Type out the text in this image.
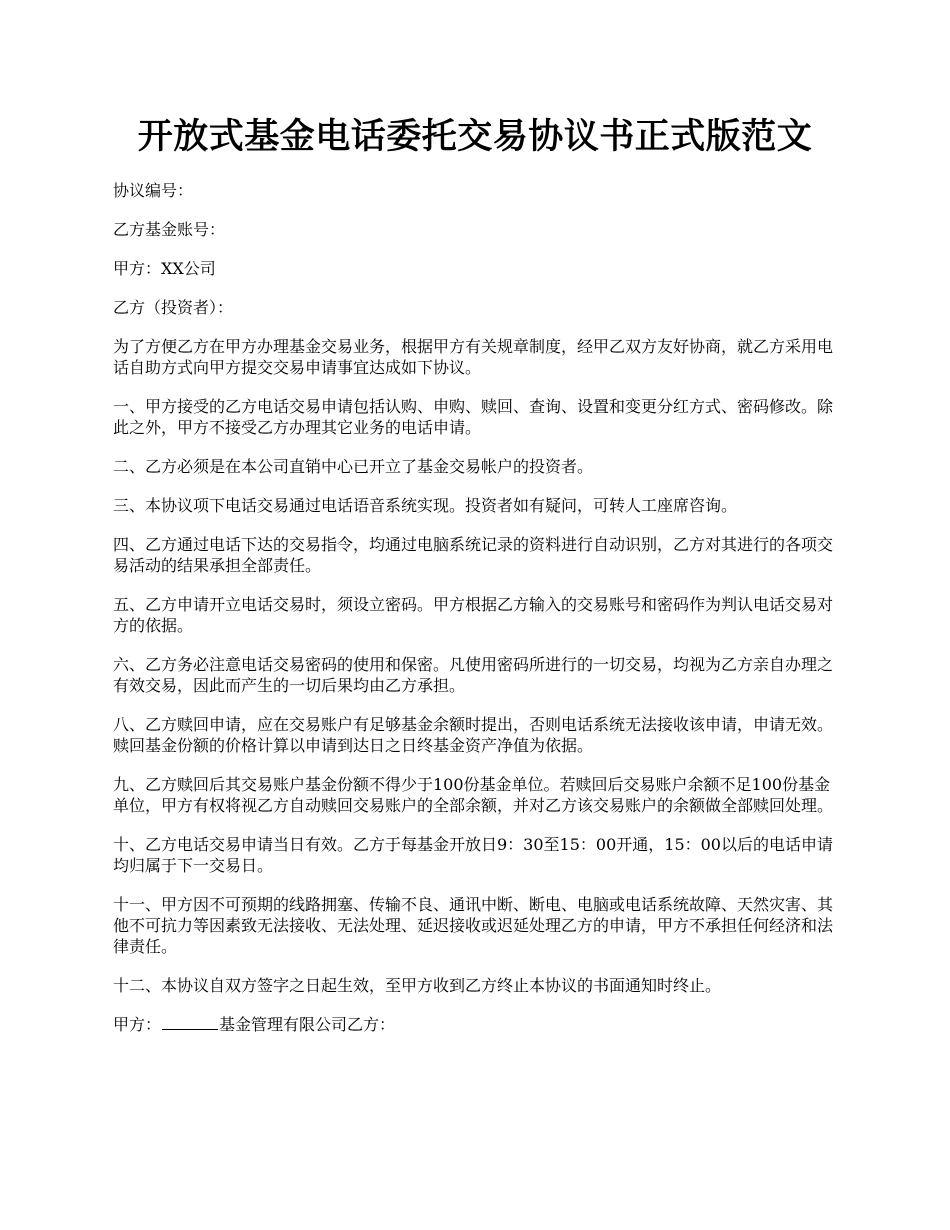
开放式基金电话委托交易协议书正式版范文

协议编号：

乙方基金账号：

甲方：XX公司

乙方（投资者）：

为了方便乙方在甲方办理基金交易业务，根据甲方有关规章制度，经甲乙双方友好协商，就乙方采用电话自助方式向甲方提交交易申请事宜达成如下协议。

一、甲方接受的乙方电话交易申请包括认购、申购、赎回、查询、设置和变更分红方式、密码修改。除此之外，甲方不接受乙方办理其它业务的电话申请。

二、乙方必须是在本公司直销中心已开立了基金交易帐户的投资者。

三、本协议项下电话交易通过电话语音系统实现。投资者如有疑问，可转人工座席咨询。

四、乙方通过电话下达的交易指令，均通过电脑系统记录的资料进行自动识别，乙方对其进行的各项交易活动的结果承担全部责任。

五、乙方申请开立电话交易时，须设立密码。甲方根据乙方输入的交易账号和密码作为判认电话交易对方的依据。

六、乙方务必注意电话交易密码的使用和保密。凡使用密码所进行的一切交易，均视为乙方亲自办理之有效交易，因此而产生的一切后果均由乙方承担。

八、乙方赎回申请，应在交易账户有足够基金余额时提出，否则电话系统无法接收该申请，申请无效。赎回基金份额的价格计算以申请到达日之日终基金资产净值为依据。

九、乙方赎回后其交易账户基金份额不得少于100份基金单位。若赎回后交易账户余额不足100份基金单位，甲方有权将视乙方自动赎回交易账户的全部余额，并对乙方该交易账户的余额做全部赎回处理。

十、乙方电话交易申请当日有效。乙方于每基金开放日9：30至15：00开通，15：00以后的电话申请均归属于下一交易日。

十一、甲方因不可预期的线路拥塞、传输不良、通讯中断、断电、电脑或电话系统故障、天然灾害、其他不可抗力等因素致无法接收、无法处理、延迟接收或迟延处理乙方的申请，甲方不承担任何经济和法律责任。

十二、本协议自双方签字之日起生效，至甲方收到乙方终止本协议的书面通知时终止。

甲方：	基金管理有限公司乙方：
